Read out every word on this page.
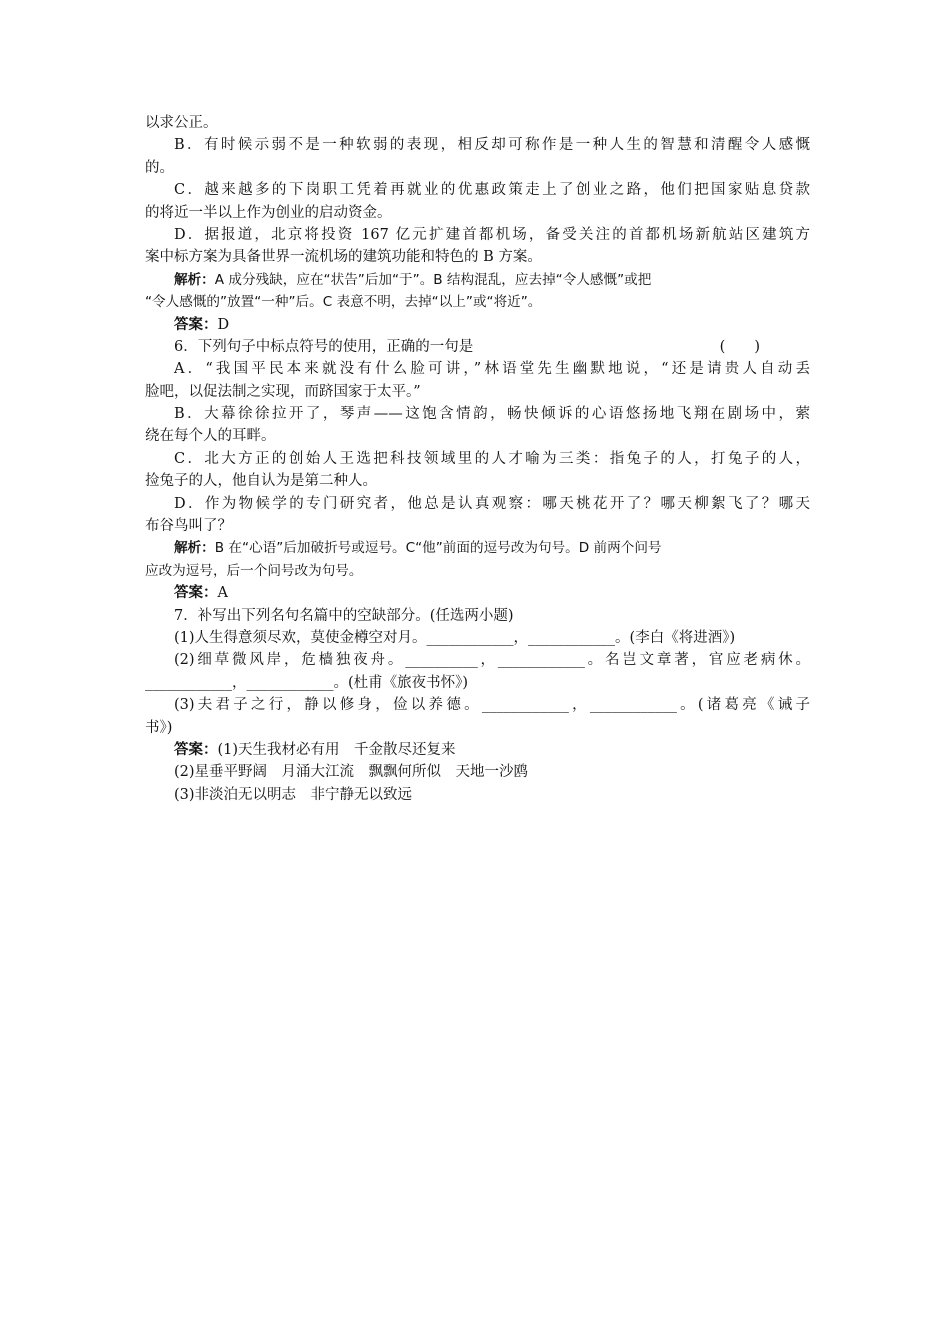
以求公正。
B．有时候示弱不是一种软弱的表现，相反却可称作是一种人生的智慧和清醒令人感慨
的。
C．越来越多的下岗职工凭着再就业的优惠政策走上了创业之路，他们把国家贴息贷款
的将近一半以上作为创业的启动资金。
D．据报道，北京将投资 167 亿元扩建首都机场，备受关注的首都机场新航站区建筑方
案中标方案为具备世界一流机场的建筑功能和特色的 B 方案。
解析：A 成分残缺，应在“状告”后加“于”。B 结构混乱，应去掉“令人感慨”或把
“令人感慨的”放置“一种”后。C 表意不明，去掉“以上”或“将近”。
答案：D
6．下列句子中标点符号的使用，正确的一句是	(　　)
A．“我国平民本来就没有什么脸可讲，”林语堂先生幽默地说，“还是请贵人自动丢
脸吧，以促法制之实现，而跻国家于太平。”
B．大幕徐徐拉开了，琴声——这饱含情韵，畅快倾诉的心语悠扬地飞翔在剧场中，萦
绕在每个人的耳畔。
C．北大方正的创始人王选把科技领域里的人才喻为三类：指兔子的人，打兔子的人，
捡兔子的人，他自认为是第二种人。
D．作为物候学的专门研究者，他总是认真观察：哪天桃花开了？哪天柳絮飞了？哪天
布谷鸟叫了？
解析：B 在“心语”后加破折号或逗号。C“他”前面的逗号改为句号。D 前两个问号
应改为逗号，后一个问号改为句号。
答案：A
7．补写出下列名句名篇中的空缺部分。(任选两小题)
(1)人生得意须尽欢，莫使金樽空对月。____________，____________。(李白《将进酒》)
(2)细草微风岸，危樯独夜舟。__________，____________。名岂文章著，官应老病休。
____________，____________。(杜甫《旅夜书怀》)
(3)夫君子之行，静以修身，俭以养德。____________，____________。(诸葛亮《诫子
书》)
答案：(1)天生我材必有用　千金散尽还复来
(2)星垂平野阔　月涌大江流　飘飘何所似　天地一沙鸥
(3)非淡泊无以明志　非宁静无以致远
